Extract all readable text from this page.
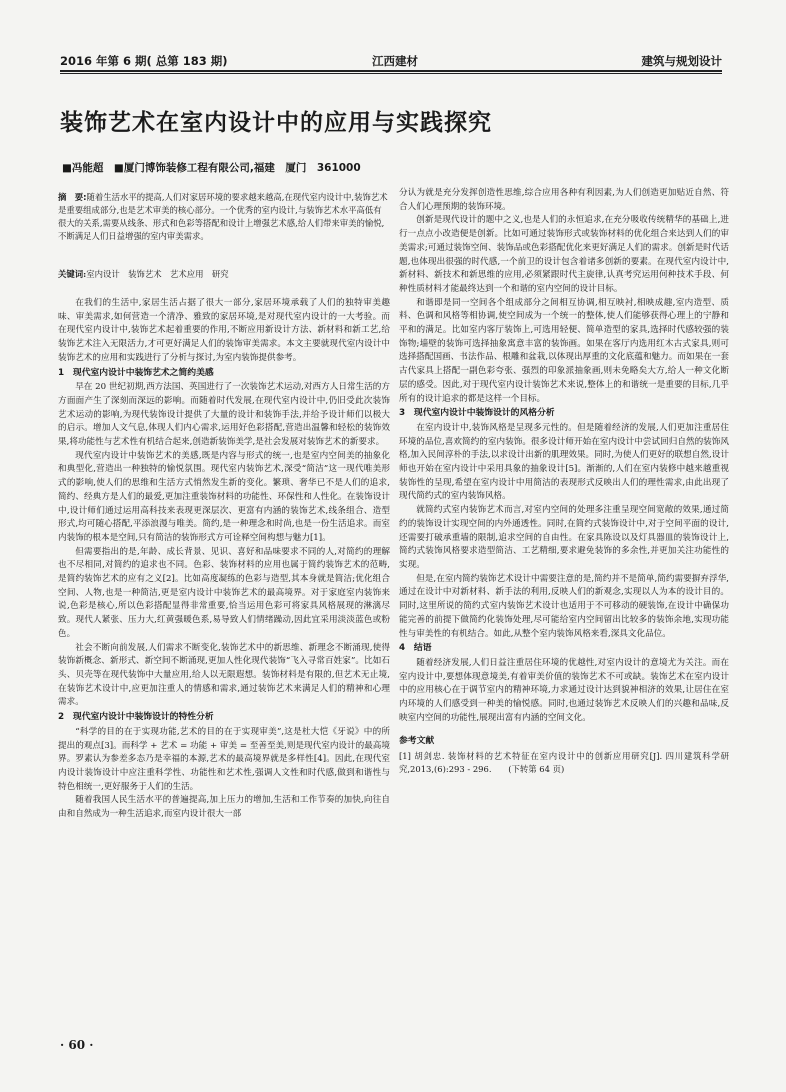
2016 年第 6 期( 总第 183 期)	江西建材	建筑与规划设计
装饰艺术在室内设计中的应用与实践探究
■冯能超　■厦门博饰装修工程有限公司,福建　厦门　361000
摘　要:随着生活水平的提高,人们对家居环境的要求越来越高,在现代室内设计中,装饰艺术是重要组成部分,也是艺术审美的核心部分。一个优秀的室内设计,与装饰艺术水平高低有很大的关系,需要从线条、形式和色彩等搭配和设计上增强艺术感,给人们带来审美的愉悦,不断满足人们日益增强的室内审美需求。
关键词:室内设计　装饰艺术　艺术应用　研究

在我们的生活中,家居生活占据了很大一部分,家居环境承载了人们的独特审美趣味、审美需求,如何营造一个清净、雅致的家居环境,是对现代室内设计的一大考验。而在现代室内设计中,装饰艺术起着重要的作用,不断应用新设计方法、新材料和新工艺,给装饰艺术注入无限活力,才可更好满足人们的装饰审美需求。本文主要就现代室内设计中装饰艺术的应用和实践进行了分析与探讨,为室内装饰提供参考。

1　现代室内设计中装饰艺术之简约美感

早在 20 世纪初期,西方法国、英国进行了一次装饰艺术运动,对西方人日常生活的方方面面产生了深刻而深远的影响。而随着时代发展,在现代室内设计中,仍旧受此次装饰艺术运动的影响,为现代装饰设计提供了大量的设计和装饰手法,并给予设计师们以极大的启示。增加人文气息,体现人们内心需求,运用好色彩搭配,营造出温馨和轻松的装饰效果,将功能性与艺术性有机结合起来,创造新装饰美学,是社会发展对装饰艺术的新要求。

现代室内设计中装饰艺术的美感,既是内容与形式的统一,也是室内空间美的抽象化和典型化,营造出一种独特的愉悦氛围。现代室内装饰艺术,深受“简洁”这一现代唯美形式的影响,使人们的思维和生活方式悄然发生新的变化。繁琐、奢华已不是人们的追求,简约、经典方是人们的最爱,更加注重装饰材料的功能性、环保性和人性化。在装饰设计中,设计师们通过运用高科技来表现更深层次、更富有内涵的装饰艺术,线条组合、造型形式,均可随心搭配,平添浪漫与唯美。简约,是一种理念和时尚,也是一份生活追求。而室内装饰的根本是空间,只有简洁的装饰形式方可诠释空间构想与魅力[1]。

但需要指出的是,年龄、成长背景、见识、喜好和品味要求不同的人,对简约的理解也不尽相同,对简约的追求也不同。色彩、装饰材料的应用也属于简约装饰艺术的范畴,是简约装饰艺术的应有之义[2]。比如高度凝练的色彩与造型,其本身就是简洁;优化组合空间、人物,也是一种简洁,更是室内设计中装饰艺术的最高境界。对于家庭室内装饰来说,色彩是核心,所以色彩搭配显得非常重要,恰当运用色彩可将家具风格展现的淋漓尽致。现代人紧张、压力大,红黄强暖色系,易导致人们情绪躁动,因此宜采用淡淡蓝色或粉色。

社会不断向前发展,人们需求不断变化,装饰艺术中的新思维、新理念不断涌现,使得装饰新概念、新形式、新空间不断涌现,更加人性化现代装饰“飞入寻常百姓家”。比如石头、贝壳等在现代装饰中大量应用,给人以无限遐想。装饰材料是有限的,但艺术无止境,在装饰艺术设计中,应更加注重人的情感和需求,通过装饰艺术来满足人们的精神和心理需求。

2　现代室内设计中装饰设计的特性分析

“科学的目的在于实现功能,艺术的目的在于实现审美”,这是杜大恺《牙说》中的所提出的观点[3]。而科学 + 艺术 = 功能 + 审美 = 至善至美,则是现代室内设计的最高境界。罗素认为参差多态乃是幸福的本源,艺术的最高境界就是多样性[4]。因此,在现代室内设计装饰设计中应注重科学性、功能性和艺术性,强调人文性和时代感,做到和谐性与特色相统一,更好服务于人们的生活。

随着我国人民生活水平的普遍提高,加上压力的增加,生活和工作节奏的加快,向往自由和自然成为一种生活追求,而室内设计很大一部

分认为就是充分发挥创造性思维,综合应用各种有利因素,为人们创造更加贴近自然、符合人们心理预期的装饰环境。

创新是现代设计的题中之义,也是人们的永恒追求,在充分吸收传统精华的基础上,进行一点点小改造便是创新。比如可通过装饰形式或装饰材料的优化组合来达到人们的审美需求;可通过装饰空间、装饰品或色彩搭配优化来更好满足人们的需求。创新是时代话题,也体现出很强的时代感,一个前卫的设计包含着诸多创新的要素。在现代室内设计中,新材料、新技术和新思维的应用,必须紧跟时代主旋律,认真考究运用何种技术手段、何种性质材料才能最终达到一个和谐的室内空间的设计目标。

和谐即是同一空间各个组成部分之间相互协调,相互映衬,相映成趣,室内造型、质料、色调和风格等相协调,使空间成为一个统一的整体,使人们能够获得心理上的宁静和平和的满足。比如室内客厅装饰上,可选用轻便、简单造型的家具,选择时代感较强的装饰物;墙壁的装饰可选择抽象寓意丰富的装饰画。如果在客厅内选用红木古式家具,则可选择搭配国画、书法作品、根雕和盆栽,以体现出厚重的文化底蕴和魅力。而如果在一套古代家具上搭配一副色彩夸张、强烈的印象派抽象画,则未免略矣大方,给人一种文化断层的感受。因此,对于现代室内设计装饰艺术来说,整体上的和谐统一是重要的目标,几乎所有的设计追求的都是这样一个目标。

3　现代室内设计中装饰设计的风格分析

在室内设计中,装饰风格是呈现多元性的。但是随着经济的发展,人们更加注重居住环境的品位,喜欢简约的室内装饰。很多设计师开始在室内设计中尝试回归自然的装饰风格,加入民间淳朴的手法,以求设计出新的肌理效果。同时,为使人们更好的联想自然,设计师也开始在室内设计中采用具象的抽象设计[5]。渐渐的,人们在室内装修中越来越重视装饰性的呈现,希望在室内设计中用简洁的表现形式反映出人们的理性需求,由此出现了现代简约式的室内装饰风格。

就简约式室内装饰艺术而言,对室内空间的处理多注重呈现空间宽敞的效果,通过简约的装饰设计实现空间的内外通透性。同时,在简约式装饰设计中,对于空间平面的设计,还需要打破承重墙的限制,追求空间的自由性。在家具陈设以及灯具器皿的装饰设计上,简约式装饰风格要求造型简洁、工艺精细,要求避免装饰的多余性,并更加关注功能性的实现。

但是,在室内简约装饰艺术设计中需要注意的是,简约并不是简单,简约需要摒弃浮华,通过在设计中对新材料、新手法的利用,反映人们的新观念,实现以人为本的设计目的。同时,这里所说的简约式室内装饰艺术设计也适用于不可移动的硬装饰,在设计中确保功能完善的前提下做简约化装饰处理,尽可能给室内空间留出比较多的装饰余地,实现功能性与审美性的有机结合。如此,从整个室内装饰风格来看,深具文化品位。

4　结语

随着经济发展,人们日益注重居住环境的优越性,对室内设计的意境尤为关注。而在室内设计中,要想体现意境美,有着审美价值的装饰艺术不可或缺。装饰艺术在室内设计中的应用核心在于调节室内的精神环境,力求通过设计达到貌神相济的效果,让居住在室内环境的人们感受到一种美的愉悦感。同时,也通过装饰艺术反映人们的兴趣和品味,反映室内空间的功能性,展现出富有内涵的空间文化。

参考文献

[1] 胡剑忠. 装饰材料的艺术特征在室内设计中的创新应用研究[J]. 四川建筑科学研究,2013,(6):293 - 296.　　(下转第 64 页)

· 60 ·
